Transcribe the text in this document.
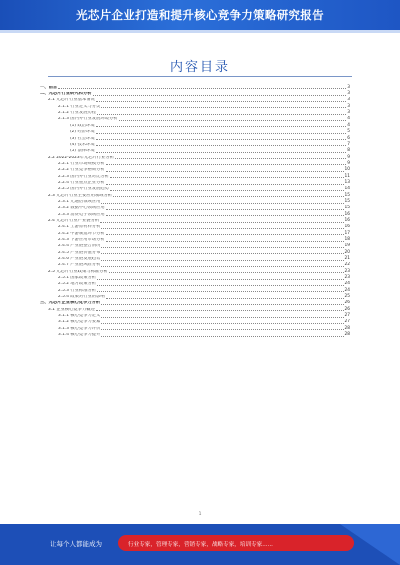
光芯片企业打造和提升核心竞争力策略研究报告
内容目录
一、前言	3
二、光芯片行业研究和分析	3
2.1 光芯片行业基本情况	3
2.1.1 行业定义与分类	3
2.1.2 行业发展历程	3
2.1.3 国内外行业发展环境分析	4
(1) 政治环境	4
(2) 经济环境	5
(3) 社会环境	6
(4) 技术环境	7
(5) 法律环境	8
2.2 2022-2023年光芯片行业分析	9
2.2.1 行业市场规模分析	9
2.2.2 行业竞争格局分析	10
2.2.3 国内外行业对比分析	11
2.2.4 行业重点企业分析	13
2.2.5 国内外行业发展趋势	14
2.3 光芯片行业主要应用领域分析	15
2.3.1 光通信领域应用	15
2.3.2 数据中心领域应用	15
2.3.3 消费电子领域应用	16
2.4 光芯片行业产业链分析	16
2.4.1 上游原材料分析	16
2.4.2 中游制造环节分析	17
2.4.3 下游应用市场分析	18
2.4.4 产业链整合情况	19
2.4.5 产业链价值分布	20
2.4.6 产业链发展趋势	21
2.4.7 产业链风险分析	22
2.5 光芯片行业政策与标准分析	23
2.5.1 国家政策分析	23
2.5.2 地方政策分析	24
2.5.3 行业标准分析	24
2.5.4 政策对行业的影响	25
三、光芯片企业核心竞争力分析	26
3.1 企业核心竞争力概述	26
3.1.1 核心竞争力定义	27
3.1.2 核心竞争力要素	27
3.1.3 核心竞争力评价	28
3.1.4 核心竞争力提升	28
1
让每个人都能成为	行业专家，管理专家，营销专家，战略专家，培训专家......
